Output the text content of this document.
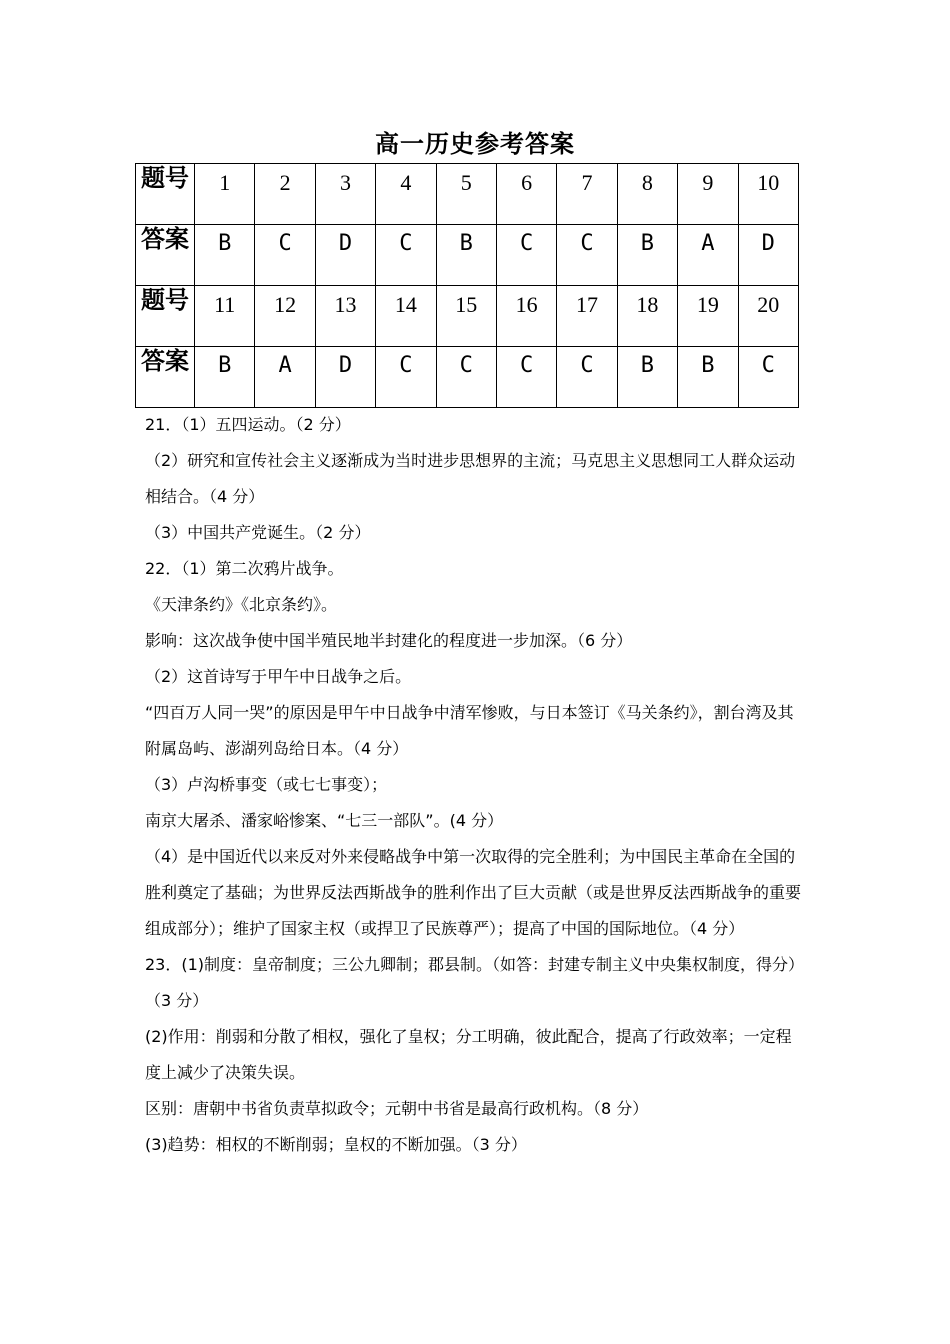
高一历史参考答案
题号	1	2	3	4	5	6	7	8	9	10
答案	B	C	D	C	B	C	C	B	A	D
题号	11	12	13	14	15	16	17	18	19	20
答案	B	A	D	C	C	C	C	B	B	C

21．（1）五四运动。（2 分）

（2）研究和宣传社会主义逐渐成为当时进步思想界的主流；马克思主义思想同工人群众运动相结合。（4 分）

（3）中国共产党诞生。（2 分）

22．（1）第二次鸦片战争。

《天津条约》《北京条约》。

影响：这次战争使中国半殖民地半封建化的程度进一步加深。（6 分）

（2）这首诗写于甲午中日战争之后。

“四百万人同一哭”的原因是甲午中日战争中清军惨败，与日本签订《马关条约》，割台湾及其附属岛屿、澎湖列岛给日本。（4 分）

（3）卢沟桥事变（或七七事变）；

南京大屠杀、潘家峪惨案、“七三一部队”。(4 分）

（4）是中国近代以来反对外来侵略战争中第一次取得的完全胜利；为中国民主革命在全国的胜利奠定了基础；为世界反法西斯战争的胜利作出了巨大贡献（或是世界反法西斯战争的重要组成部分）；维护了国家主权（或捍卫了民族尊严）；提高了中国的国际地位。（4 分）

23．(1)制度：皇帝制度；三公九卿制；郡县制。（如答：封建专制主义中央集权制度，得分）（3 分）

(2)作用：削弱和分散了相权，强化了皇权；分工明确，彼此配合，提高了行政效率；一定程度上减少了决策失误。

区别：唐朝中书省负责草拟政令；元朝中书省是最高行政机构。（8 分）

(3)趋势：相权的不断削弱；皇权的不断加强。（3 分）
